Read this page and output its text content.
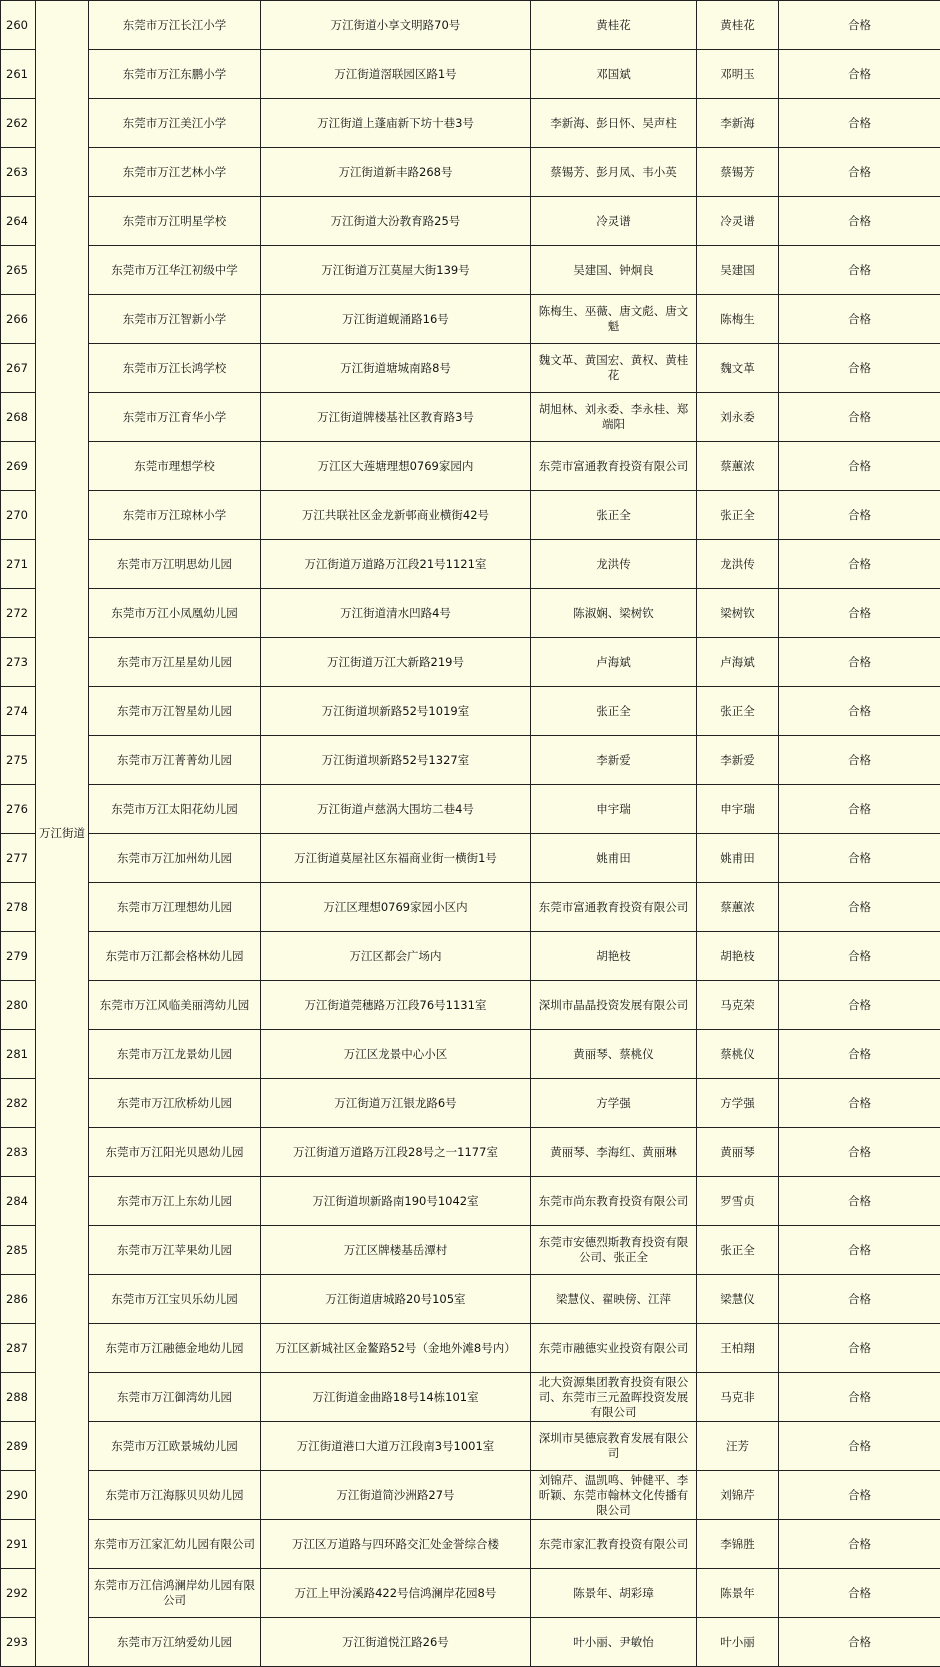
260	万江街道	东莞市万江长江小学	万江街道小享文明路70号	黄桂花	黄桂花	合格
261		东莞市万江东鹏小学	万江街道滘联园区路1号	邓国斌	邓明玉	合格
262		东莞市万江美江小学	万江街道上蓬庙新下坊十巷3号	李新海、彭日怀、吴声柱	李新海	合格
263		东莞市万江艺林小学	万江街道新丰路268号	蔡锡芳、彭月凤、韦小英	蔡锡芳	合格
264		东莞市万江明星学校	万江街道大汾教育路25号	冷灵谱	冷灵谱	合格
265		东莞市万江华江初级中学	万江街道万江莫屋大街139号	吴建国、钟炯良	吴建国	合格
266		东莞市万江智新小学	万江街道蚬涌路16号	陈梅生、巫薇、唐文彪、唐文魁	陈梅生	合格
267		东莞市万江长鸿学校	万江街道塘城南路8号	魏文革、黄国宏、黄权、黄桂花	魏文革	合格
268		东莞市万江育华小学	万江街道牌楼基社区教育路3号	胡旭林、刘永委、李永桂、郑端阳	刘永委	合格
269		东莞市理想学校	万江区大莲塘理想0769家园内	东莞市富通教育投资有限公司	蔡蕙浓	合格
270		东莞市万江琼林小学	万江共联社区金龙新邨商业横街42号	张正全	张正全	合格
271		东莞市万江明思幼儿园	万江街道万道路万江段21号1121室	龙洪传	龙洪传	合格
272		东莞市万江小凤凰幼儿园	万江街道清水凹路4号	陈淑娴、梁树钦	梁树钦	合格
273		东莞市万江星星幼儿园	万江街道万江大新路219号	卢海斌	卢海斌	合格
274		东莞市万江智星幼儿园	万江街道坝新路52号1019室	张正全	张正全	合格
275		东莞市万江菁菁幼儿园	万江街道坝新路52号1327室	李新爱	李新爱	合格
276		东莞市万江太阳花幼儿园	万江街道卢慈涡大围坊二巷4号	申宇瑞	申宇瑞	合格
277		东莞市万江加州幼儿园	万江街道莫屋社区东福商业街一横街1号	姚甫田	姚甫田	合格
278		东莞市万江理想幼儿园	万江区理想0769家园小区内	东莞市富通教育投资有限公司	蔡蕙浓	合格
279		东莞市万江都会格林幼儿园	万江区都会广场内	胡艳枝	胡艳枝	合格
280		东莞市万江风临美丽湾幼儿园	万江街道莞穗路万江段76号1131室	深圳市晶晶投资发展有限公司	马克荣	合格
281		东莞市万江龙景幼儿园	万江区龙景中心小区	黄丽琴、蔡桃仪	蔡桃仪	合格
282		东莞市万江欣桥幼儿园	万江街道万江银龙路6号	方学强	方学强	合格
283		东莞市万江阳光贝恩幼儿园	万江街道万道路万江段28号之一1177室	黄丽琴、李海红、黄丽琳	黄丽琴	合格
284		东莞市万江上东幼儿园	万江街道坝新路南190号1042室	东莞市尚东教育投资有限公司	罗雪贞	合格
285		东莞市万江苹果幼儿园	万江区牌楼基岳潭村	东莞市安德烈斯教育投资有限公司、张正全	张正全	合格
286		东莞市万江宝贝乐幼儿园	万江街道唐城路20号105室	梁慧仪、翟映傍、江萍	梁慧仪	合格
287		东莞市万江融德金地幼儿园	万江区新城社区金鳌路52号（金地外滩8号内）	东莞市融德实业投资有限公司	王柏翔	合格
288		东莞市万江御湾幼儿园	万江街道金曲路18号14栋101室	北大资源集团教育投资有限公司、东莞市三元盈晖投资发展有限公司	马克非	合格
289		东莞市万江欧景城幼儿园	万江街道港口大道万江段南3号1001室	深圳市昊德宸教育发展有限公司	汪芳	合格
290		东莞市万江海豚贝贝幼儿园	万江街道简沙洲路27号	刘锦芹、温凯鸣、钟健平、李昕颖、东莞市翰林文化传播有限公司	刘锦芹	合格
291		东莞市万江家汇幼儿园有限公司	万江区万道路与四环路交汇处金誉综合楼	东莞市家汇教育投资有限公司	李锦胜	合格
292		东莞市万江信鸿澜岸幼儿园有限公司	万江上甲汾溪路422号信鸿澜岸花园8号	陈景年、胡彩璋	陈景年	合格
293		东莞市万江纳爱幼儿园	万江街道悦江路26号	叶小丽、尹敏怡	叶小丽	合格
